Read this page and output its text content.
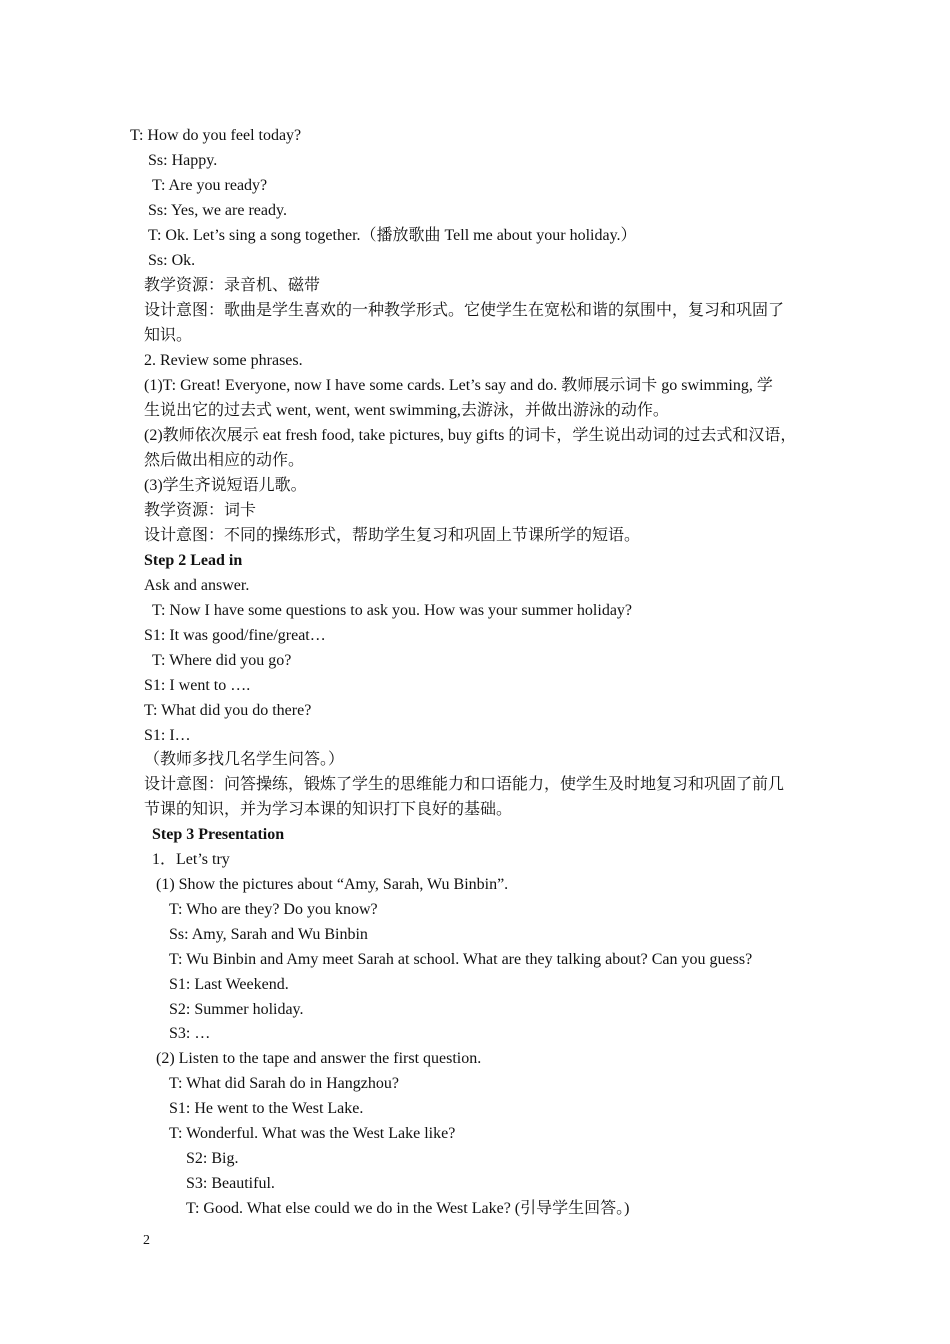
T: How do you feel today?
Ss: Happy.
T: Are you ready?
Ss: Yes, we are ready.
T: Ok. Let’s sing a song together.（播放歌曲 Tell me about your holiday.）
Ss: Ok.
教学资源：录音机、磁带
设计意图：歌曲是学生喜欢的一种教学形式。它使学生在宽松和谐的氛围中，复习和巩固了
知识。
2. Review some phrases.
(1)T: Great! Everyone, now I have some cards. Let’s say and do. 教师展示词卡 go swimming, 学
生说出它的过去式 went, went, went swimming,去游泳，并做出游泳的动作。
(2)教师依次展示 eat fresh food, take pictures, buy gifts 的词卡，学生说出动词的过去式和汉语，
然后做出相应的动作。
(3)学生齐说短语儿歌。
教学资源：词卡
设计意图：不同的操练形式，帮助学生复习和巩固上节课所学的短语。
Step 2 Lead in
Ask and answer.
T: Now I have some questions to ask you. How was your summer holiday?
S1: It was good/fine/great…
T: Where did you go?
S1: I went to ….
T: What did you do there?
S1: I…
（教师多找几名学生问答。）
设计意图：问答操练，锻炼了学生的思维能力和口语能力，使学生及时地复习和巩固了前几
节课的知识，并为学习本课的知识打下良好的基础。
Step 3 Presentation
1．Let’s try
(1) Show the pictures about “Amy, Sarah, Wu Binbin”.
T: Who are they? Do you know?
Ss: Amy, Sarah and Wu Binbin
T: Wu Binbin and Amy meet Sarah at school. What are they talking about? Can you guess?
S1: Last Weekend.
S2: Summer holiday.
S3: …
(2) Listen to the tape and answer the first question.
T: What did Sarah do in Hangzhou?
S1: He went to the West Lake.
T: Wonderful. What was the West Lake like?
S2: Big.
S3: Beautiful.
T: Good. What else could we do in the West Lake? (引导学生回答。)
2
